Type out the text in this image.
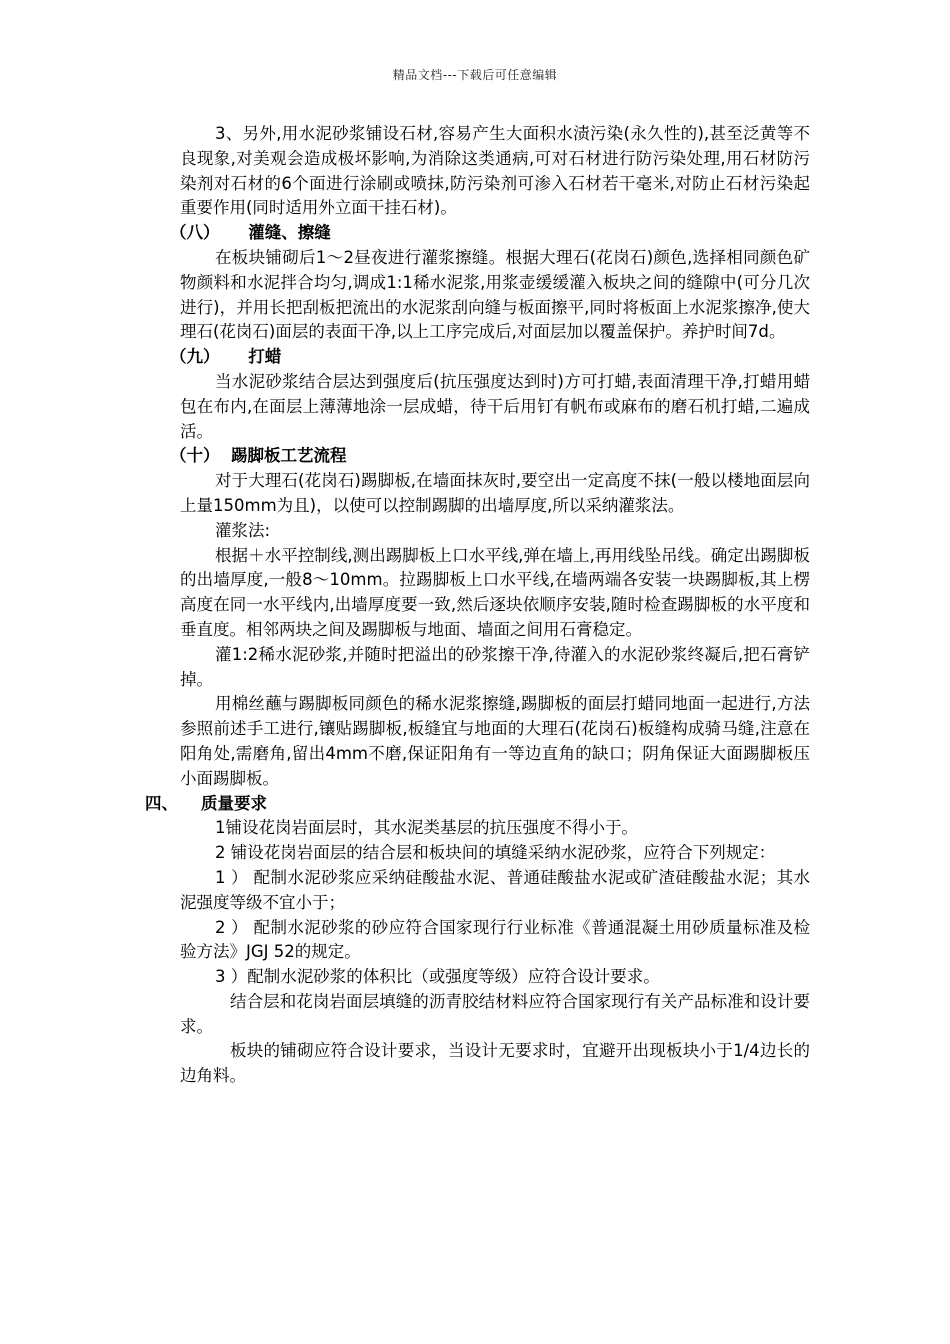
精品文档---下载后可任意编辑

3、另外,用水泥砂浆铺设石材,容易产生大面积水渍污染(永久性的),甚至泛黄等不良现象,对美观会造成极坏影响,为消除这类通病,可对石材进行防污染处理,用石材防污染剂对石材的6个面进行涂刷或喷抹,防污染剂可渗入石材若干毫米,对防止石材污染起重要作用(同时适用外立面干挂石材)。

（八）     灌缝、擦缝

在板块铺砌后1～2昼夜进行灌浆擦缝。根据大理石(花岗石)颜色,选择相同颜色矿物颜料和水泥拌合均匀,调成1:1稀水泥浆,用浆壶缓缓灌入板块之间的缝隙中(可分几次进行)，并用长把刮板把流出的水泥浆刮向缝与板面擦平,同时将板面上水泥浆擦净,使大理石(花岗石)面层的表面干净,以上工序完成后,对面层加以覆盖保护。养护时间7d。

（九）     打蜡

当水泥砂浆结合层达到强度后(抗压强度达到时)方可打蜡,表面清理干净,打蜡用蜡包在布内,在面层上薄薄地涂一层成蜡，待干后用钉有帆布或麻布的磨石机打蜡,二遍成活。

（十）  踢脚板工艺流程

对于大理石(花岗石)踢脚板,在墙面抹灰时,要空出一定高度不抹(一般以楼地面层向上量150mm为且)，以使可以控制踢脚的出墙厚度,所以采纳灌浆法。

灌浆法:

根据＋水平控制线,测出踢脚板上口水平线,弹在墙上,再用线坠吊线。确定出踢脚板的出墙厚度,一般8～10mm。拉踢脚板上口水平线,在墙两端各安装一块踢脚板,其上楞高度在同一水平线内,出墙厚度要一致,然后逐块依顺序安装,随时检查踢脚板的水平度和垂直度。相邻两块之间及踢脚板与地面、墙面之间用石膏稳定。

灌1:2稀水泥砂浆,并随时把溢出的砂浆擦干净,待灌入的水泥砂浆终凝后,把石膏铲掉。

用棉丝蘸与踢脚板同颜色的稀水泥浆擦缝,踢脚板的面层打蜡同地面一起进行,方法参照前述手工进行,镶贴踢脚板,板缝宜与地面的大理石(花岗石)板缝构成骑马缝,注意在阳角处,需磨角,留出4mm不磨,保证阳角有一等边直角的缺口；阴角保证大面踢脚板压小面踢脚板。

四、    质量要求

1铺设花岗岩面层时，其水泥类基层的抗压强度不得小于。

2 铺设花岗岩面层的结合层和板块间的填缝采纳水泥砂浆，应符合下列规定：

1 ） 配制水泥砂浆应采纳硅酸盐水泥、普通硅酸盐水泥或矿渣硅酸盐水泥；其水泥强度等级不宜小于；

2 ） 配制水泥砂浆的砂应符合国家现行行业标准《普通混凝土用砂质量标准及检验方法》JGJ 52的规定。

3 ）配制水泥砂浆的体积比（或强度等级）应符合设计要求。

结合层和花岗岩面层填缝的沥青胶结材料应符合国家现行有关产品标准和设计要求。

板块的铺砌应符合设计要求，当设计无要求时，宜避开出现板块小于1/4边长的边角料。
